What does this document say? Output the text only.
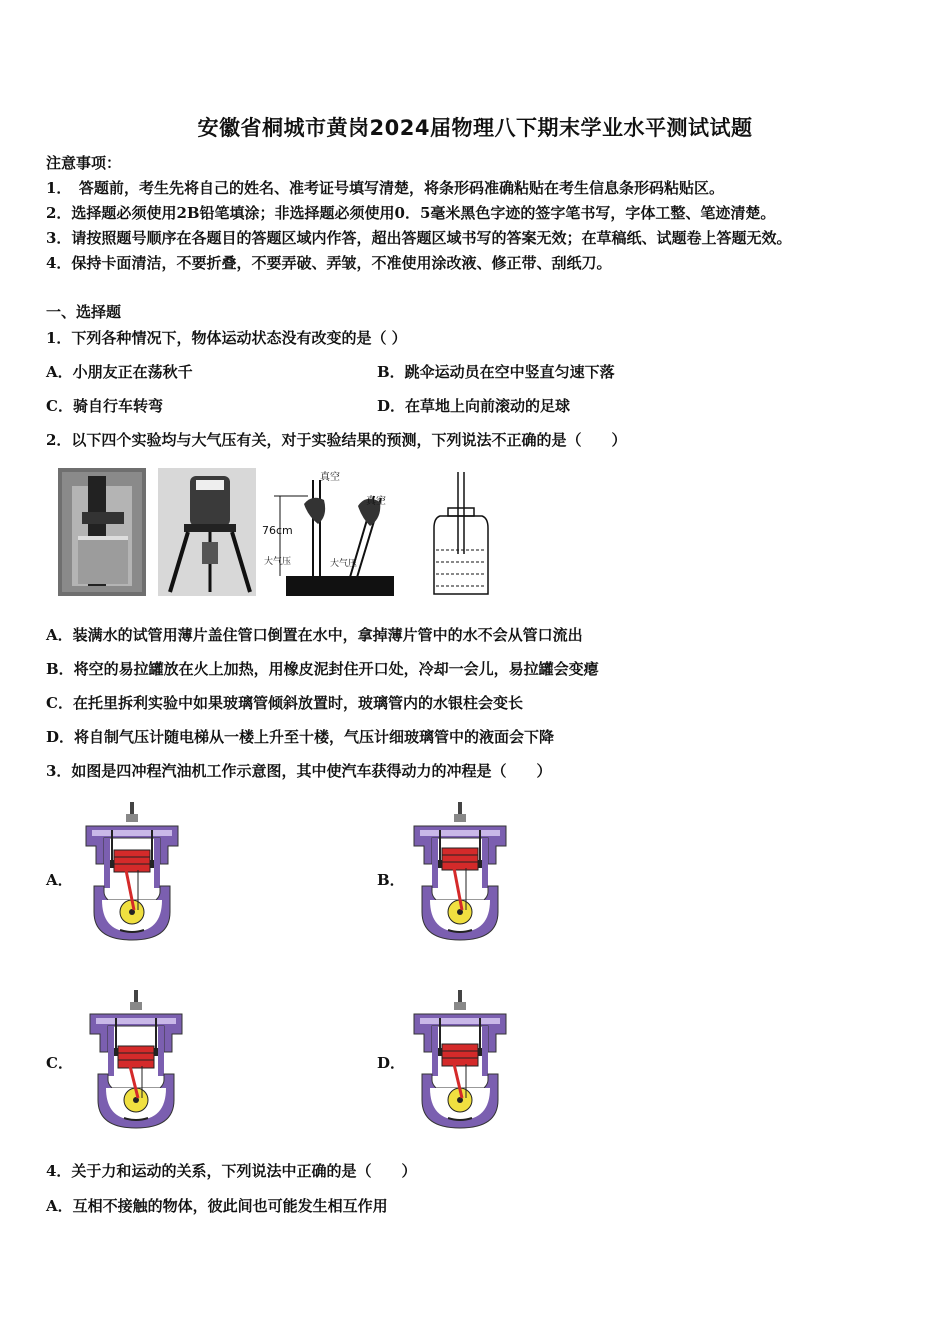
安徽省桐城市黄岗2024届物理八下期末学业水平测试试题
注意事项：
1．　答题前，考生先将自己的姓名、准考证号填写清楚，将条形码准确粘贴在考生信息条形码粘贴区。
2．选择题必须使用2B铅笔填涂；非选择题必须使用0．5毫米黑色字迹的签字笔书写，字体工整、笔迹清楚。
3．请按照题号顺序在各题目的答题区域内作答，超出答题区域书写的答案无效；在草稿纸、试题卷上答题无效。
4．保持卡面清洁，不要折叠，不要弄破、弄皱，不准使用涂改液、修正带、刮纸刀。
一、选择题
1．下列各种情况下，物体运动状态没有改变的是（ ）
A．小朋友正在荡秋千	B．跳伞运动员在空中竖直匀速下落
C．骑自行车转弯	D．在草地上向前滚动的足球
2．以下四个实验均与大气压有关，对于实验结果的预测，下列说法不正确的是（　　）
真空
真空
76cm
大气压	大气压
A．装满水的试管用薄片盖住管口倒置在水中，拿掉薄片管中的水不会从管口流出
B．将空的易拉罐放在火上加热，用橡皮泥封住开口处，冷却一会儿，易拉罐会变瘪
C．在托里拆利实验中如果玻璃管倾斜放置时，玻璃管内的水银柱会变长
D．将自制气压计随电梯从一楼上升至十楼，气压计细玻璃管中的液面会下降
3．如图是四冲程汽油机工作示意图，其中使汽车获得动力的冲程是（　　）
A．	B．
C．	D．
4．关于力和运动的关系，下列说法中正确的是（　　）
A．互相不接触的物体，彼此间也可能发生相互作用
